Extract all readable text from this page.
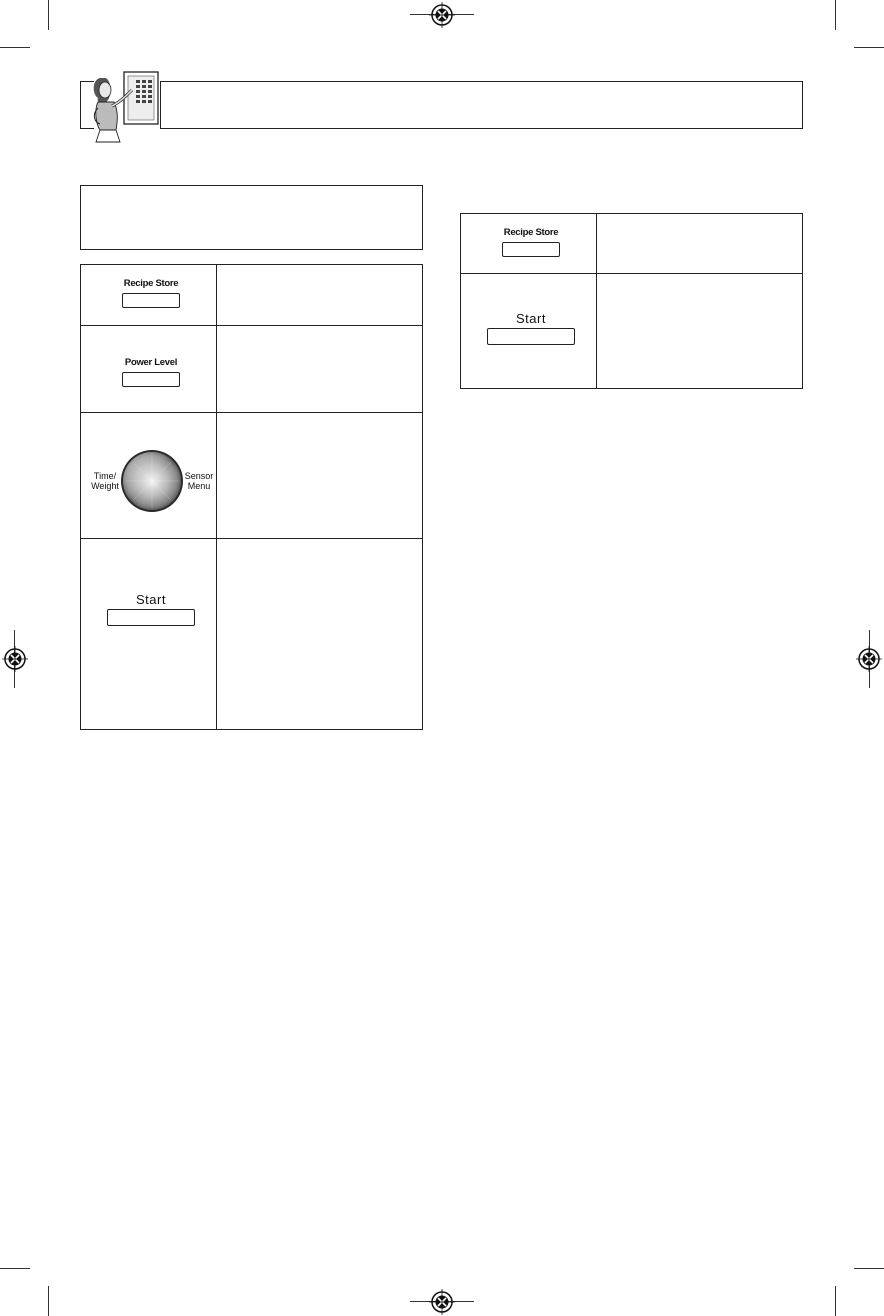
Recipe Store
Power Level
Time/
Weight
Sensor
Menu
Start
Recipe Store
Start
